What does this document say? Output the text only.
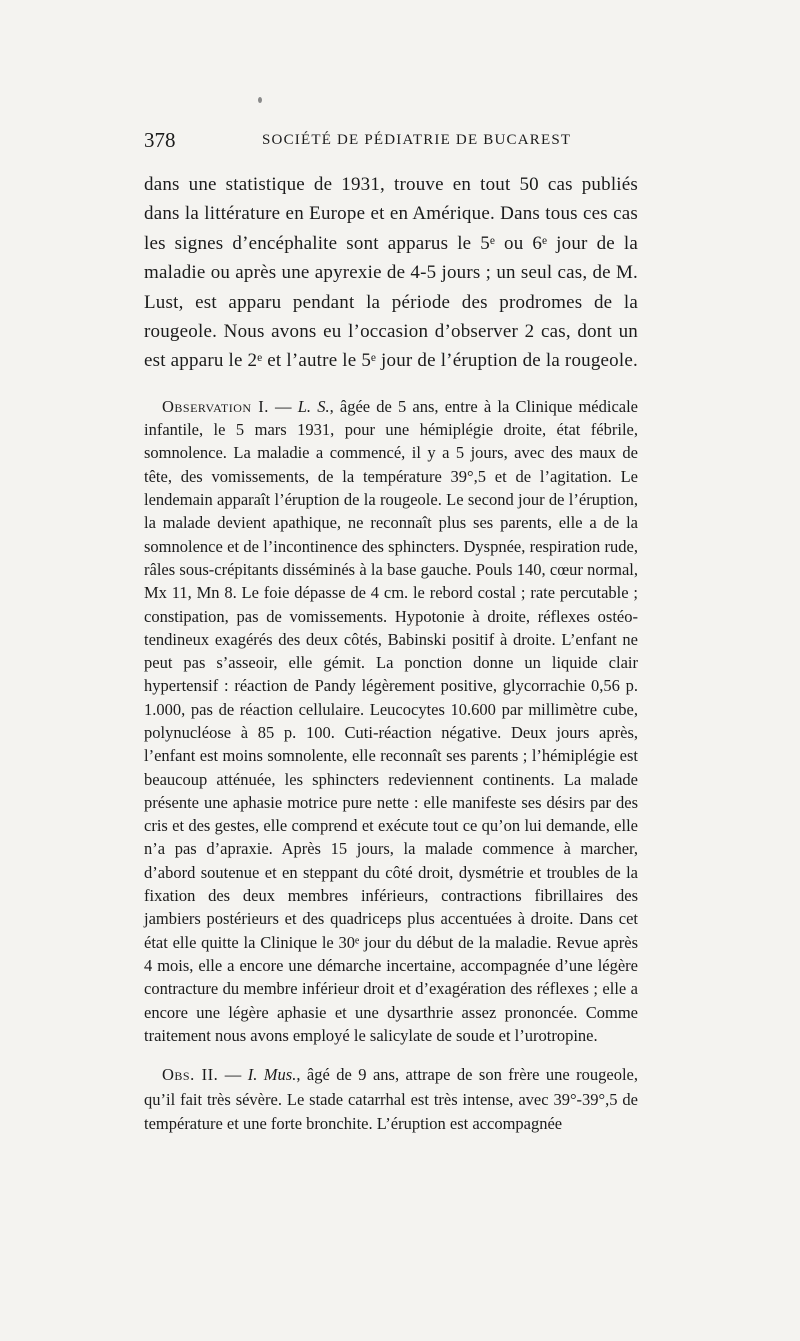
378	SOCIÉTÉ DE PÉDIATRIE DE BUCAREST

dans une statistique de 1931, trouve en tout 50 cas publiés dans la littérature en Europe et en Amérique. Dans tous ces cas les signes d’encéphalite sont apparus le 5ᵉ ou 6ᵉ jour de la maladie ou après une apyrexie de 4-5 jours ; un seul cas, de M. Lust, est apparu pendant la période des prodromes de la rougeole. Nous avons eu l’occasion d’observer 2 cas, dont un est apparu le 2ᵉ et l’autre le 5ᵉ jour de l’éruption de la rougeole.

Observation I. — L. S., âgée de 5 ans, entre à la Clinique médicale infantile, le 5 mars 1931, pour une hémiplégie droite, état fébrile, somnolence. La maladie a commencé, il y a 5 jours, avec des maux de tête, des vomissements, de la température 39°,5 et de l’agitation. Le lendemain apparaît l’éruption de la rougeole. Le second jour de l’éruption, la malade devient apathique, ne reconnaît plus ses parents, elle a de la somnolence et de l’incontinence des sphincters. Dyspnée, respiration rude, râles sous-crépitants disséminés à la base gauche. Pouls 140, cœur normal, Mx 11, Mn 8. Le foie dépasse de 4 cm. le rebord costal ; rate percutable ; constipation, pas de vomissements. Hypotonie à droite, réflexes ostéo-tendineux exagérés des deux côtés, Babinski positif à droite. L’enfant ne peut pas s’asseoir, elle gémit. La ponction donne un liquide clair hypertensif : réaction de Pandy légèrement positive, glycorrachie 0,56 p. 1.000, pas de réaction cellulaire. Leucocytes 10.600 par millimètre cube, polynucléose à 85 p. 100. Cuti-réaction négative. Deux jours après, l’enfant est moins somnolente, elle reconnaît ses parents ; l’hémiplégie est beaucoup atténuée, les sphincters redeviennent continents. La malade présente une aphasie motrice pure nette : elle manifeste ses désirs par des cris et des gestes, elle comprend et exécute tout ce qu’on lui demande, elle n’a pas d’apraxie. Après 15 jours, la malade commence à marcher, d’abord soutenue et en steppant du côté droit, dysmétrie et troubles de la fixation des deux membres inférieurs, contractions fibrillaires des jambiers postérieurs et des quadriceps plus accentuées à droite. Dans cet état elle quitte la Clinique le 30ᵉ jour du début de la maladie. Revue après 4 mois, elle a encore une démarche incertaine, accompagnée d’une légère contracture du membre inférieur droit et d’exagération des réflexes ; elle a encore une légère aphasie et une dysarthrie assez prononcée. Comme traitement nous avons employé le salicylate de soude et l’urotropine.

Obs. II. — I. Mus., âgé de 9 ans, attrape de son frère une rougeole, qu’il fait très sévère. Le stade catarrhal est très intense, avec 39°-39°,5 de température et une forte bronchite. L’éruption est accompagnée
